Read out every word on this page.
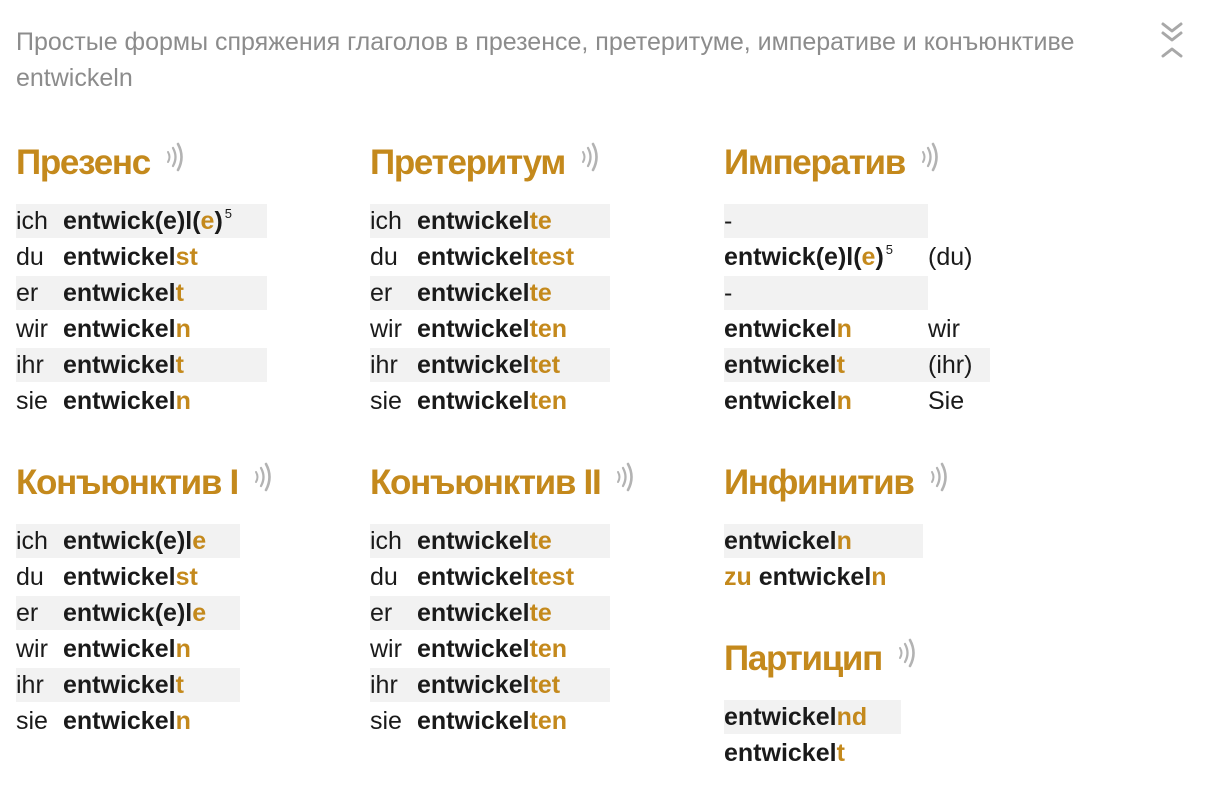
Простые формы спряжения глаголов в презенсе, претеритуме, императиве и конъюнктиве entwickeln
Презенс
ich entwick(e)l(e) $^5$
du entwickelst
er entwickelt
wir entwickeln
ihr entwickelt
sie entwickeln
Претеритум
ich entwickelte
du entwickeltest
er entwickelte
wir entwickelten
ihr entwickeltet
sie entwickelten
Императив
-
entwick(e)l(e) $^5$ (du)
-
entwickeln	wir
entwickelt	(ihr)
entwickeln	Sie
Конъюнктив I
ich entwick(e)le
du entwickelst
er entwick(e)le
wir entwickeln
ihr entwickelt
sie entwickeln
Конъюнктив II
ich entwickelte
du entwickeltest
er entwickelte
wir entwickelten
ihr entwickeltet
sie entwickelten
Инфинитив
entwickeln
zu entwickeln
Партицип
entwickelnd
entwickelt
